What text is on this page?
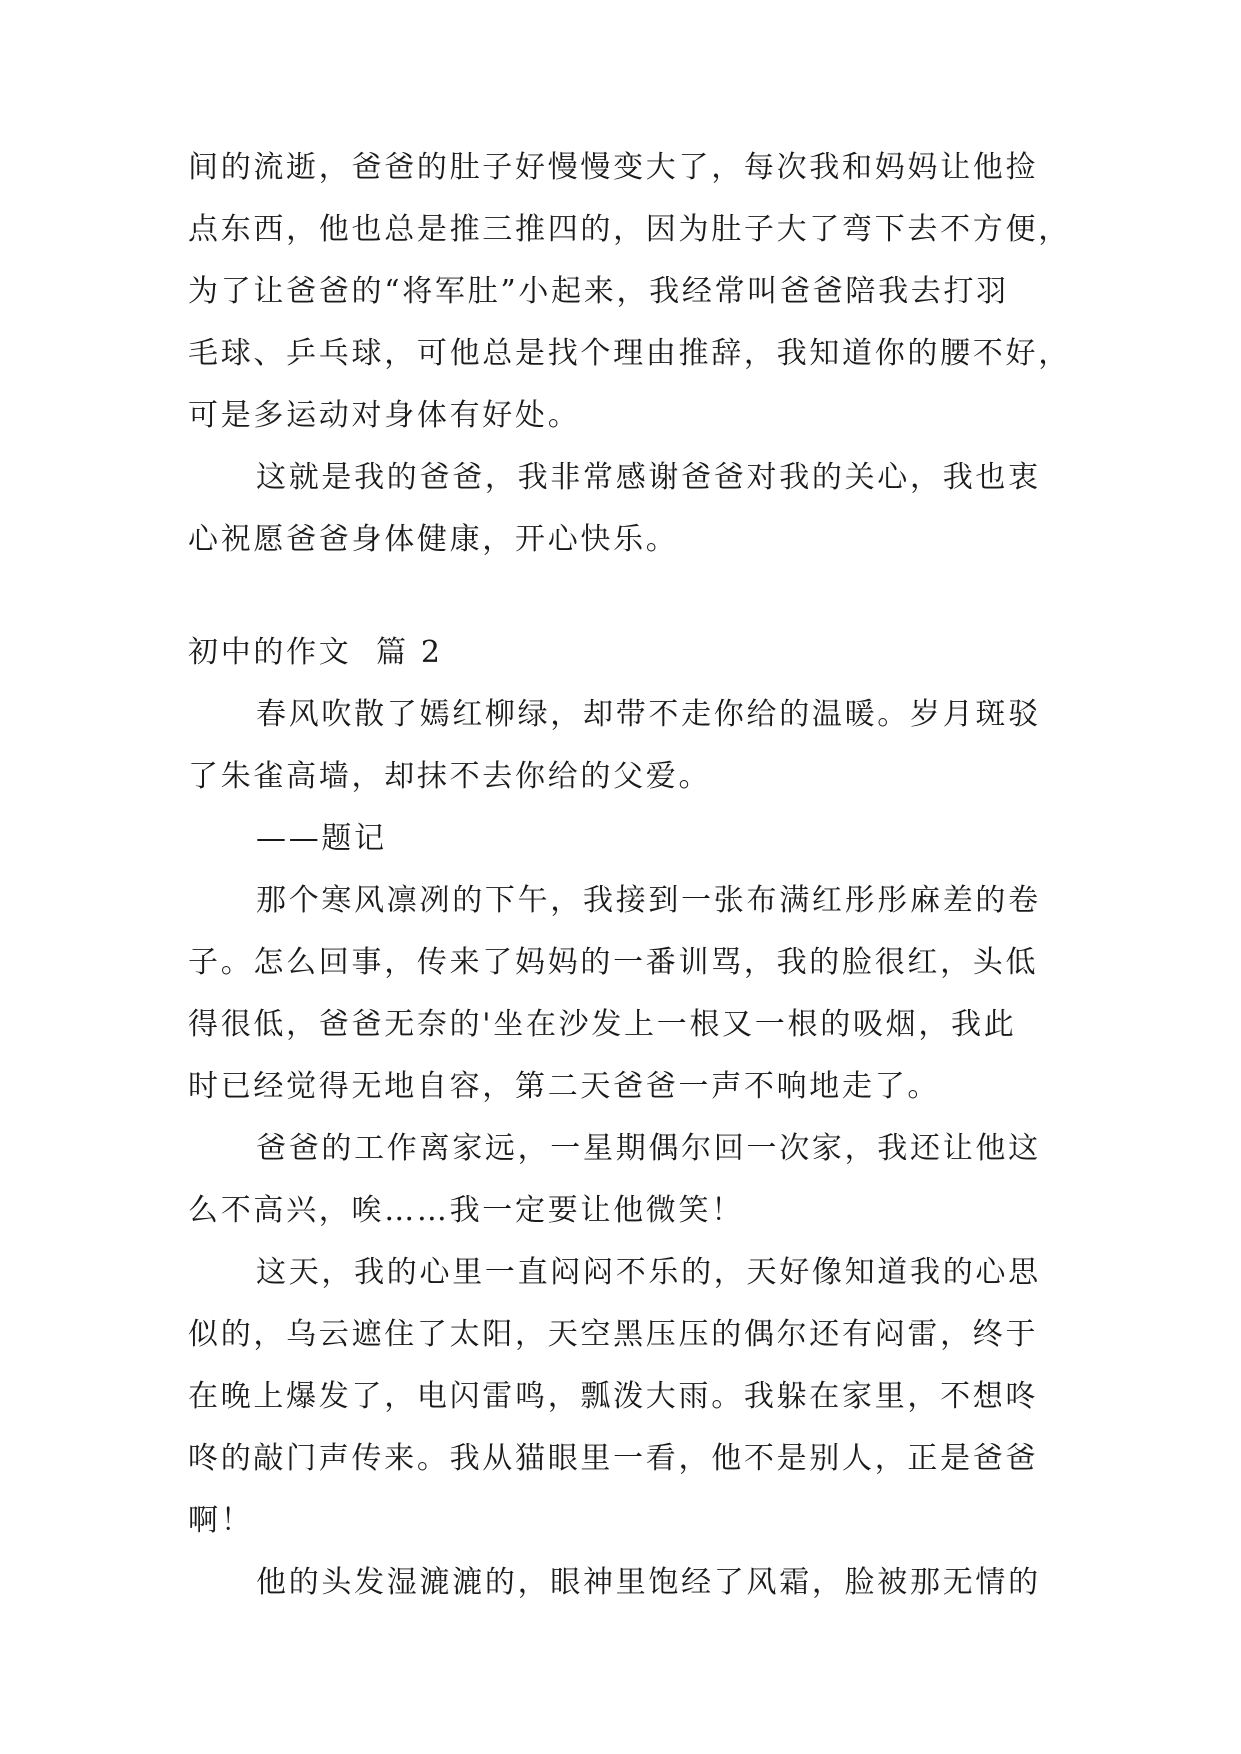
间的流逝，爸爸的肚子好慢慢变大了，每次我和妈妈让他捡
点东西，他也总是推三推四的，因为肚子大了弯下去不方便，
为了让爸爸的“将军肚”小起来，我经常叫爸爸陪我去打羽
毛球、乒乓球，可他总是找个理由推辞，我知道你的腰不好，
可是多运动对身体有好处。
这就是我的爸爸，我非常感谢爸爸对我的关心，我也衷
心祝愿爸爸身体健康，开心快乐。
初中的作文  篇 2
春风吹散了嫣红柳绿，却带不走你给的温暖。岁月斑驳
了朱雀高墙，却抹不去你给的父爱。
——题记
那个寒风凛冽的下午，我接到一张布满红彤彤麻差的卷
子。怎么回事，传来了妈妈的一番训骂，我的脸很红，头低
得很低，爸爸无奈的'坐在沙发上一根又一根的吸烟，我此
时已经觉得无地自容，第二天爸爸一声不响地走了。
爸爸的工作离家远，一星期偶尔回一次家，我还让他这
么不高兴，唉……我一定要让他微笑！
这天，我的心里一直闷闷不乐的，天好像知道我的心思
似的，乌云遮住了太阳，天空黑压压的偶尔还有闷雷，终于
在晚上爆发了，电闪雷鸣，瓢泼大雨。我躲在家里，不想咚
咚的敲门声传来。我从猫眼里一看，他不是别人，正是爸爸
啊！
他的头发湿漉漉的，眼神里饱经了风霜，脸被那无情的
